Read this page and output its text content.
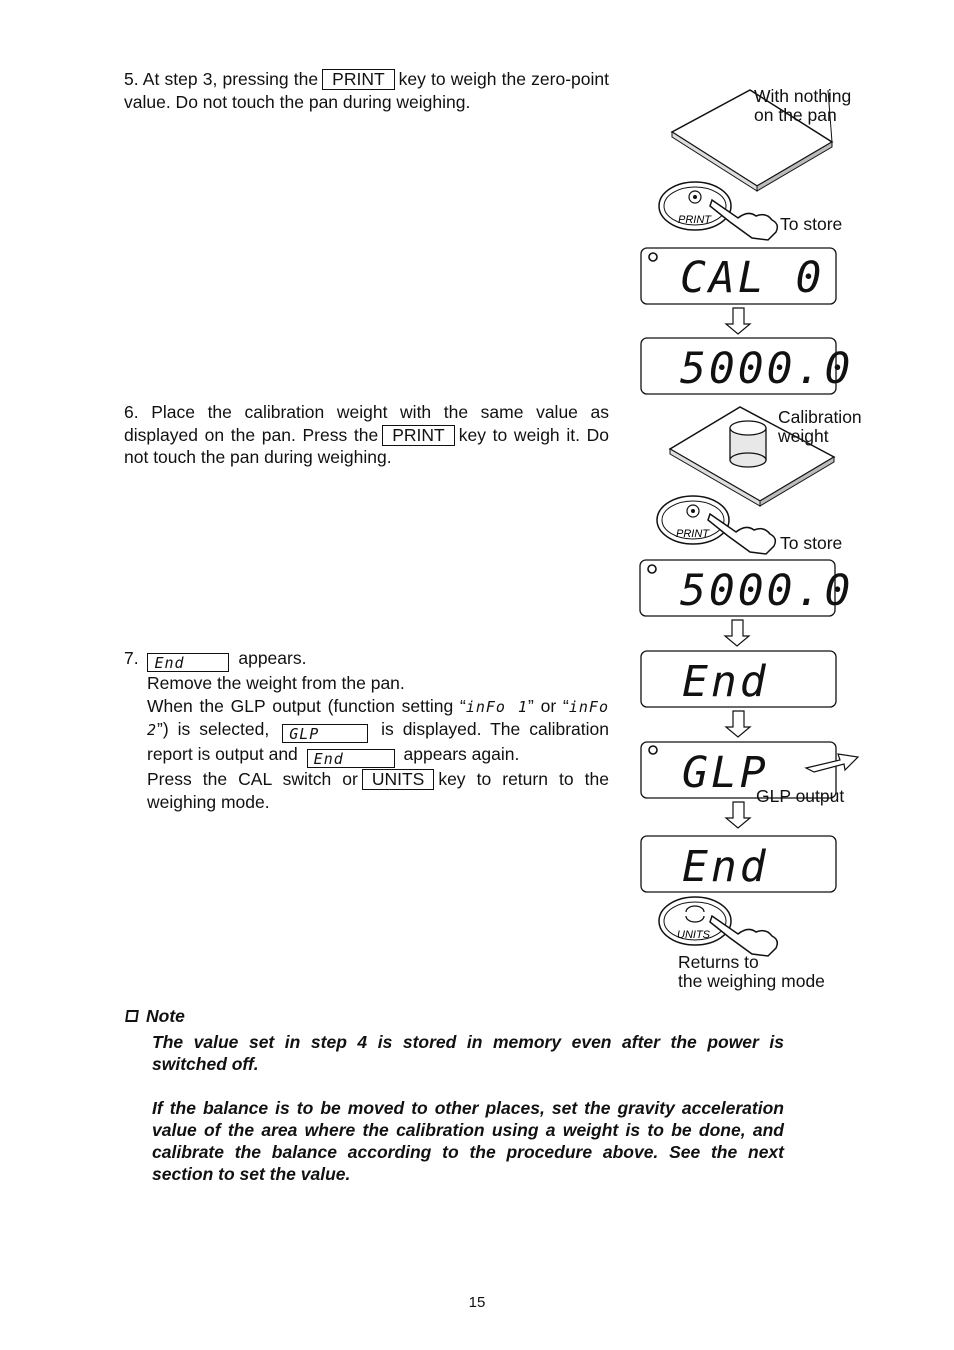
5. At step 3, pressing the PRINT key to weigh the zero-point value. Do not touch the pan during weighing.

6. Place the calibration weight with the same value as displayed on the pan. Press the PRINT key to weigh it. Do not touch the pan during weighing.

7. End	appears.

Remove the weight from the pan.

When the GLP output (function setting “inFo 1” or “inFo 2”) is selected, GLP	is displayed. The calibration report is output and End	appears again.

Press the CAL switch or UNITS key to return to the weighing mode.

With nothing
on the pan
PRINT	To store
CAL 0
5000.0
Calibration
weight
PRINT	To store
5000.0
End
GLP
GLP output
End
UNITS
Returns to
the weighing mode
Note

The value set in step 4 is stored in memory even after the power is switched off.

If the balance is to be moved to other places, set the gravity acceleration value of the area where the calibration using a weight is to be done, and calibrate the balance according to the procedure above. See the next section to set the value.

15
